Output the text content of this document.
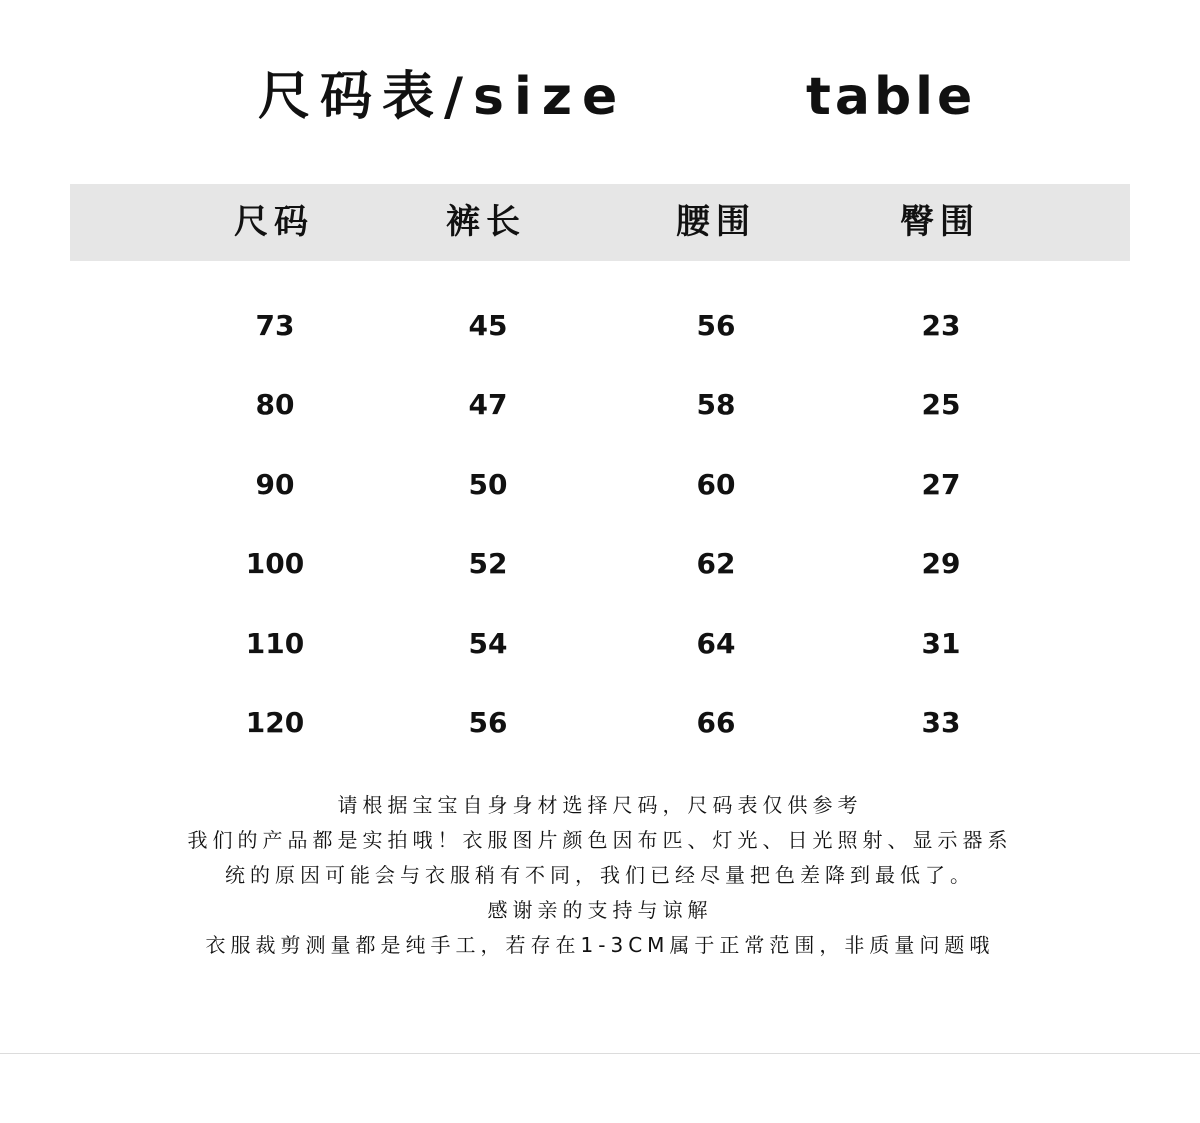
尺码表/size	table
尺码	裤长	腰围	臀围
73	45	56	23
80	47	58	25
90	50	60	27
100	52	62	29
110	54	64	31
120	56	66	33
请根据宝宝自身身材选择尺码，尺码表仅供参考
我们的产品都是实拍哦！衣服图片颜色因布匹、灯光、日光照射、显示器系
统的原因可能会与衣服稍有不同，我们已经尽量把色差降到最低了。
感谢亲的支持与谅解
衣服裁剪测量都是纯手工，若存在1-3CM属于正常范围，非质量问题哦
